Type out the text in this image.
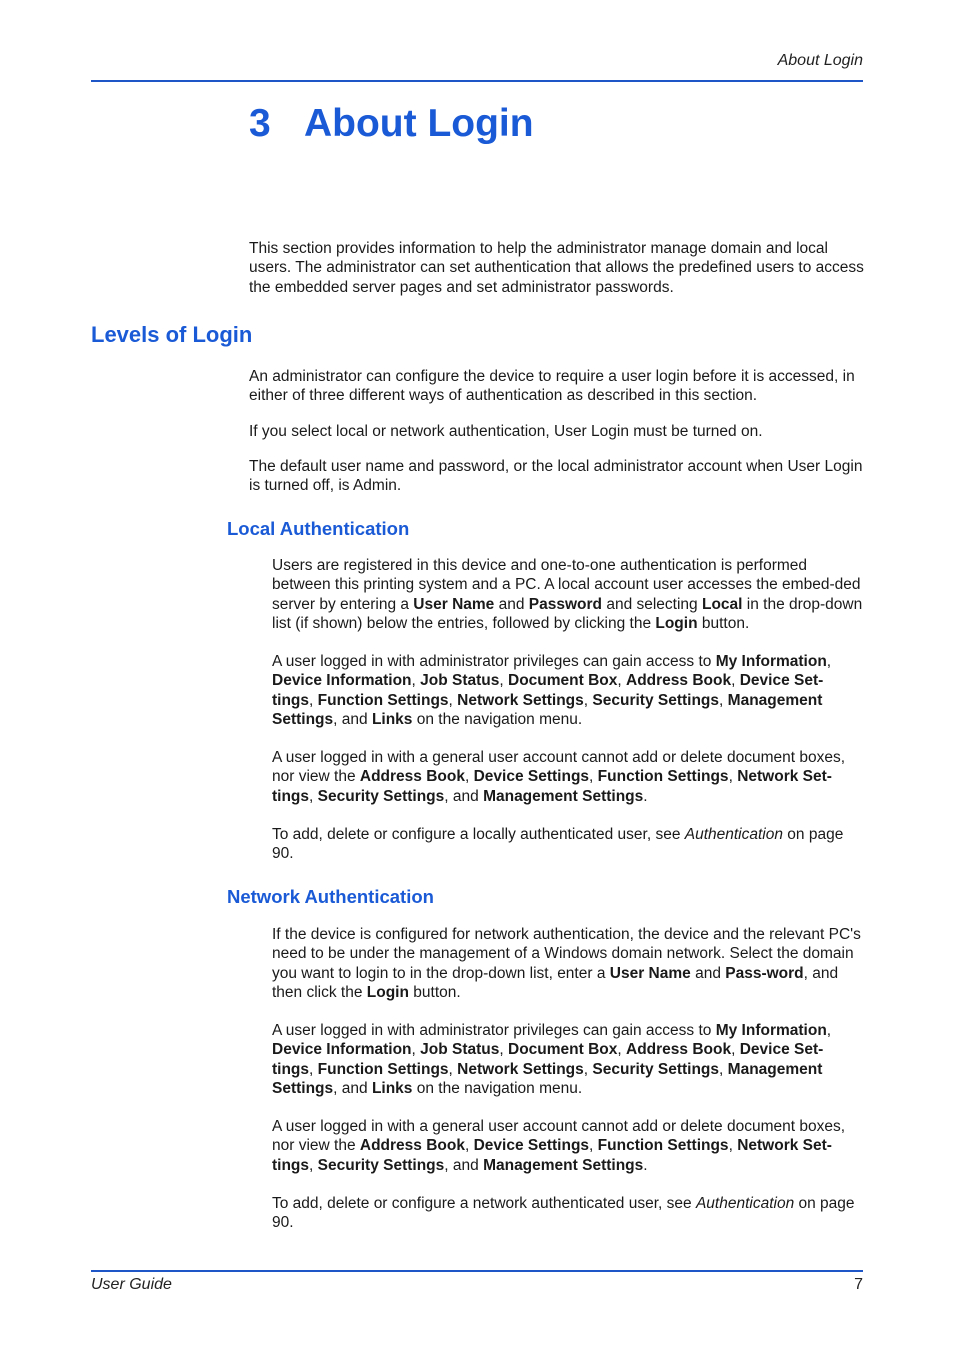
About Login
3 About Login

This section provides information to help the administrator manage domain and local users. The administrator can set authentication that allows the predefined users to access the embedded server pages and set administrator passwords.

Levels of Login

An administrator can configure the device to require a user login before it is accessed, in either of three different ways of authentication as described in this section.

If you select local or network authentication, User Login must be turned on.

The default user name and password, or the local administrator account when User Login is turned off, is Admin.

Local Authentication

Users are registered in this device and one-to-one authentication is performed between this printing system and a PC. A local account user accesses the embed-ded server by entering a User Name and Password and selecting Local in the drop-down list (if shown) below the entries, followed by clicking the Login button.

A user logged in with administrator privileges can gain access to My Information, Device Information, Job Status, Document Box, Address Book, Device Set-tings, Function Settings, Network Settings, Security Settings, Management Settings, and Links on the navigation menu.

A user logged in with a general user account cannot add or delete document boxes, nor view the Address Book, Device Settings, Function Settings, Network Set-tings, Security Settings, and Management Settings.

To add, delete or configure a locally authenticated user, see Authentication on page 90.

Network Authentication

If the device is configured for network authentication, the device and the relevant PC's need to be under the management of a Windows domain network. Select the domain you want to login to in the drop-down list, enter a User Name and Pass-word, and then click the Login button.

A user logged in with administrator privileges can gain access to My Information, Device Information, Job Status, Document Box, Address Book, Device Set-tings, Function Settings, Network Settings, Security Settings, Management Settings, and Links on the navigation menu.

A user logged in with a general user account cannot add or delete document boxes, nor view the Address Book, Device Settings, Function Settings, Network Set-tings, Security Settings, and Management Settings.

To add, delete or configure a network authenticated user, see Authentication on page 90.

User Guide	7
